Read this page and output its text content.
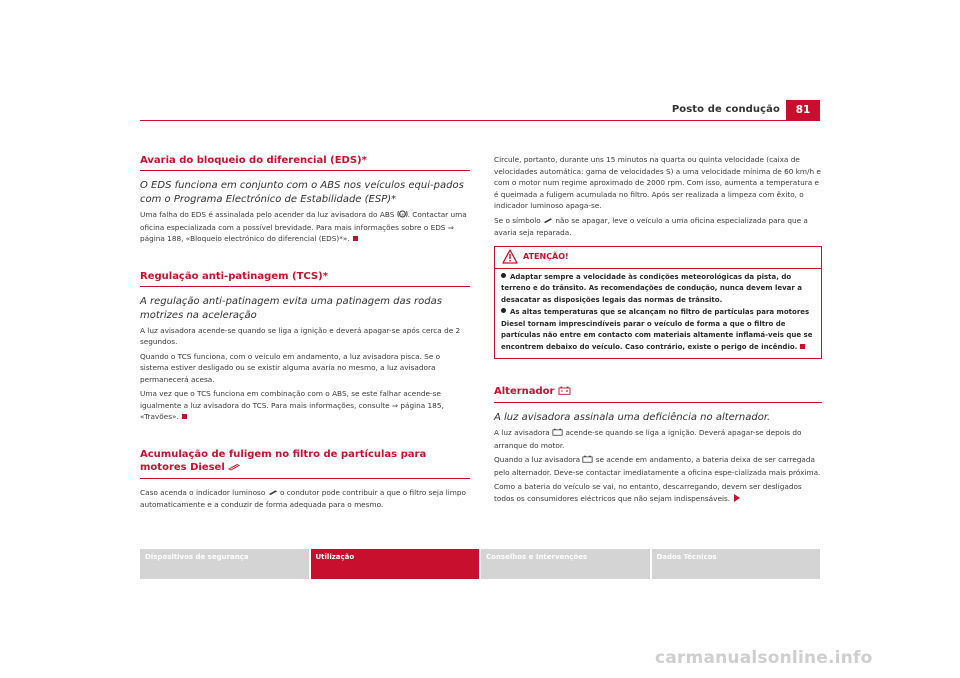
Posto de condução	81
Avaria do bloqueio do diferencial (EDS)*
O EDS funciona em conjunto com o ABS nos veículos equi-pados com o Programa Electrónico de Estabilidade (ESP)*

Uma falha do EDS é assinalada pelo acender da luz avisadora do ABS ABS . Contactar uma oficina especializada com a possível brevidade. Para mais informações sobre o EDS ⇒ página 188, «Bloqueio electrónico do diferencial (EDS)*».

Regulação anti-patinagem (TCS)*
A regulação anti-patinagem evita uma patinagem das rodas motrizes na aceleração

A luz avisadora acende-se quando se liga a ignição e deverá apagar-se após cerca de 2 segundos.

Quando o TCS funciona, com o veículo em andamento, a luz avisadora pisca. Se o sistema estiver desligado ou se existir alguma avaria no mesmo, a luz avisadora permanecerá acesa.

Uma vez que o TCS funciona em combinação com o ABS, se este falhar acende-se igualmente a luz avisadora do TCS. Para mais informações, consulte ⇒ página 185, «Travões».

Acumulação de fuligem no filtro de partículas para motores Diesel

Caso acenda o indicador luminoso o condutor pode contribuir a que o filtro seja limpo automaticamente e a conduzir de forma adequada para o mesmo.

Circule, portanto, durante uns 15 minutos na quarta ou quinta velocidade (caixa de velocidades automática: gama de velocidades S) a uma velocidade mínima de 60 km/h e com o motor num regime aproximado de 2000 rpm. Com isso, aumenta a temperatura e é queimada a fuligem acumulada no filtro. Após ser realizada a limpeza com êxito, o indicador luminoso apaga-se.

Se o símbolo não se apagar, leve o veículo a uma oficina especializada para que a avaria seja reparada.

ATENÇÃO!
Adaptar sempre a velocidade às condições meteorológicas da pista, do terreno e do trânsito. As recomendações de condução, nunca devem levar a desacatar as disposições legais das normas de trânsito.
As altas temperaturas que se alcançam no filtro de partículas para motores Diesel tornam imprescindíveis parar o veículo de forma a que o filtro de partículas não entre em contacto com materiais altamente inflamá-veis que se encontrem debaixo do veículo. Caso contrário, existe o perigo de incêndio.
Alternador
A luz avisadora assinala uma deficiência no alternador.

A luz avisadora acende-se quando se liga a ignição. Deverá apagar-se depois do arranque do motor.

Quando a luz avisadora se acende em andamento, a bateria deixa de ser carregada pelo alternador. Deve-se contactar imediatamente a oficina espe-cializada mais próxima.

Como a bateria do veículo se vai, no entanto, descarregando, devem ser desligados todos os consumidores eléctricos que não sejam indispensáveis.

Dispositivos de segurança	Utilização	Conselhos e Intervenções	Dados Técnicos
carmanualsonline.info
